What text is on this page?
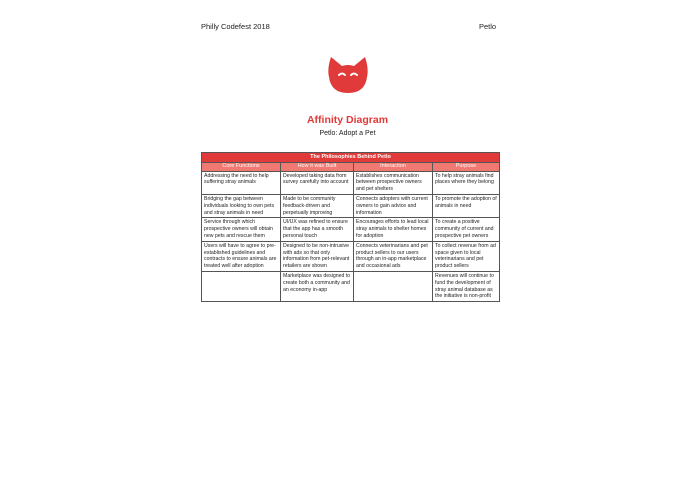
Philly Codefest 2018	Petlo
Affinity Diagram
Petlo: Adopt a Pet
The Philosophies Behind Petlo			
Core Functions	How it was Built	Interaction	Purpose
Addressing the need to help suffering stray animals	Developed taking data from survey carefully into account	Establishes communication between prospective owners and pet shelters	To help stray animals find places where they belong
Bridging the gap between individuals looking to own pets and stray animals in need	Made to be community feedback-driven and perpetually improving	Connects adopters with current owners to gain advice and information	To promote the adoption of animals in need
Service through which prospective owners will obtain new pets and rescue them	UI/UX was refined to ensure that the app has a smooth personal touch	Encourages efforts to lead local stray animals to shelter homes for adoption	To create a positive community of current and prospective pet owners
Users will have to agree to pre-established guidelines and contracts to ensure animals are treated well after adoption	Designed to be non-intrusive with ads so that only information from pet-relevant retailers are shown	Connects veterinarians and pet product sellers to our users through an in-app marketplace and occasional ads	To collect revenue from ad space given to local veterinarians and pet product sellers
	Marketplace was designed to create both a community and an economy in-app		Revenues will continue to fund the development of stray animal database as the initiative is non-profit
